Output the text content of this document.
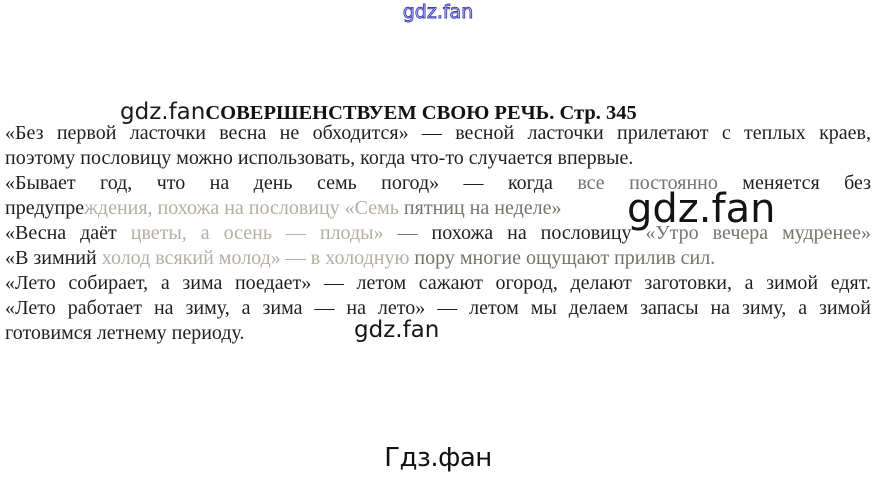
gdz.fan
gdz.fan СОВЕРШЕНСТВУЕМ СВОЮ РЕЧЬ. Стр. 345
«Без первой ласточки весна не обходится» — весной ласточки прилетают с теплых краев,
поэтому пословицу можно использовать, когда что-то случается впервые.
«Бывает год, что на день семь погод» — когда все постоянно меняется без
предупреждения, похожа на пословицу «Семь пятниц на неделе»
«Весна даёт цветы, а осень — плоды» — похожа на пословицу «Утро вечера мудренее»
«В зимний холод всякий молод» — в холодную пору многие ощущают прилив сил.
«Лето собирает, а зима поедает» — летом сажают огород, делают заготовки, а зимой едят.
«Лето работает на зиму, а зима — на лето» — летом мы делаем запасы на зиму, а зимой
готовимся летнему периоду.
gdz.fan
gdz.fan
Гдз.фан
